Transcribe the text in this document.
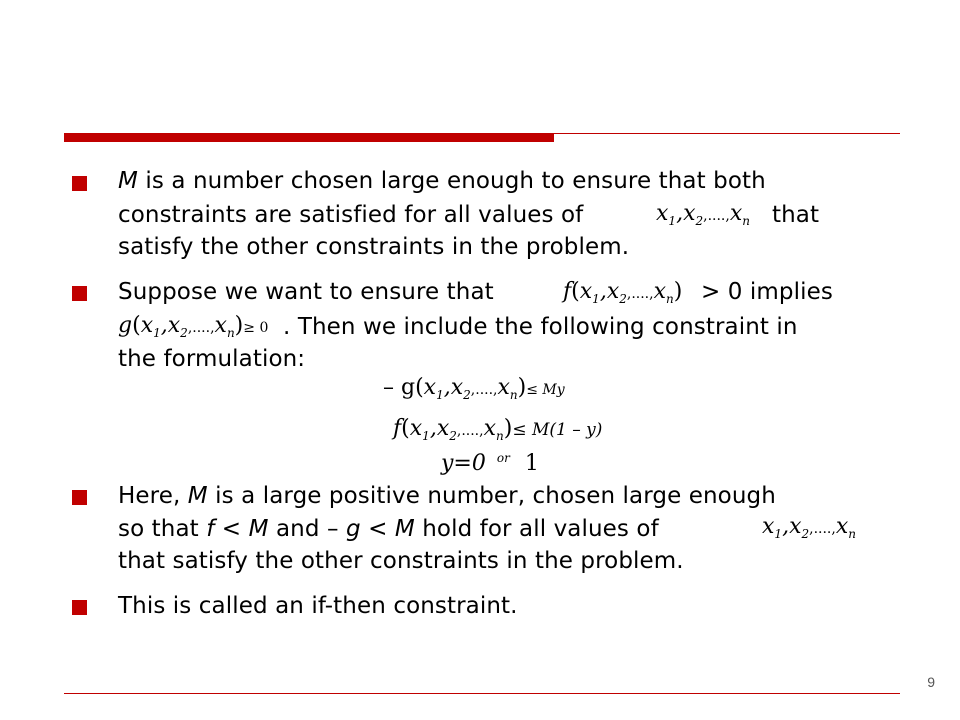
M is a number chosen large enough to ensure that both
constraints are satisfied for all values of	$x_1,x_2,....,x_n$ that
satisfy the other constraints in the problem.
Suppose we want to ensure that	$f(x_1,x_2,....,x_n) > 0$ implies
$g(x_1,x_2,....,x_n)\ge 0$ . Then we include the following constraint in
the formulation:
– $g(x_1,x_2,....,x_n)\le My$
$f(x_1,x_2,....,x_n)\le M(1 - y)$
y=0 $^{or}$ 1
Here, M is a large positive number, chosen large enough
so that f < M and – g < M hold for all values of	$x_1,x_2,....,x_n$
that satisfy the other constraints in the problem.
This is called an if-then constraint.
9
